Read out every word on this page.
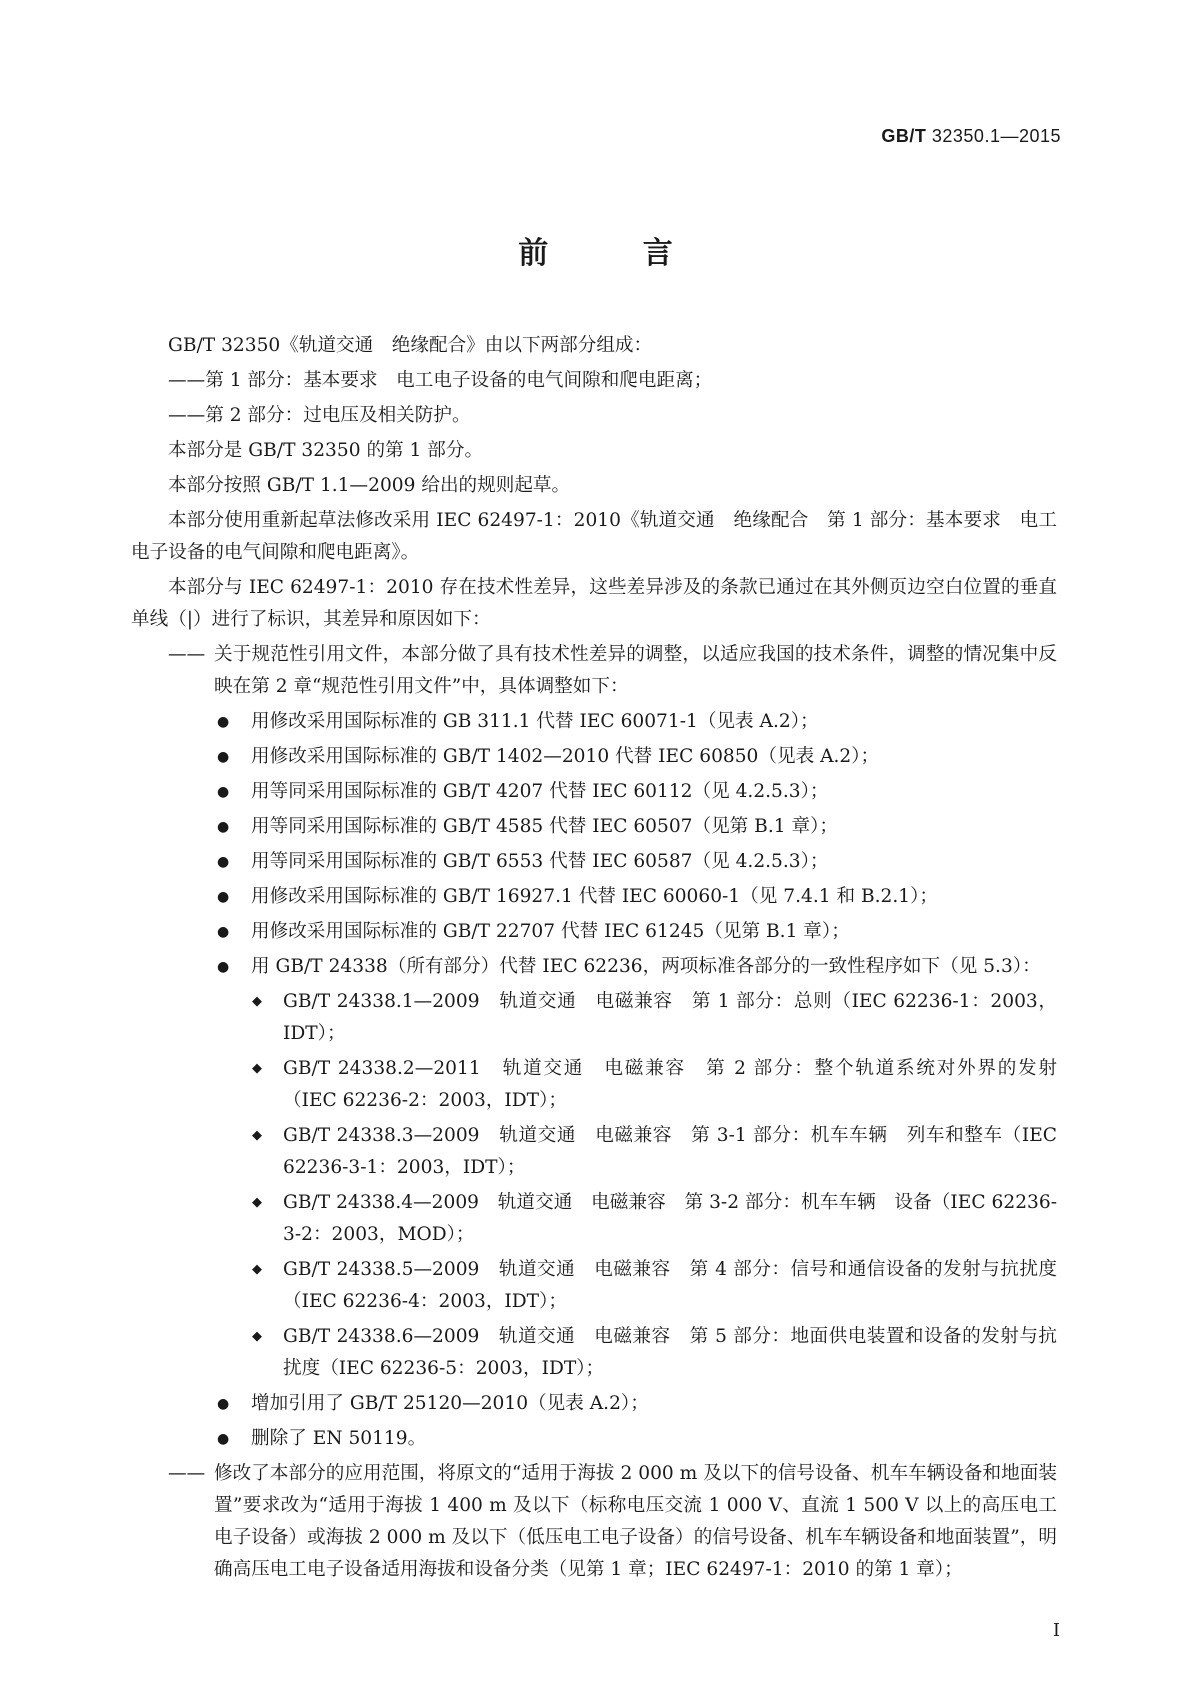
GB/T 32350.1—2015
前 言

GB/T 32350《轨道交通　绝缘配合》由以下两部分组成：

——第 1 部分：基本要求　电工电子设备的电气间隙和爬电距离；

——第 2 部分：过电压及相关防护。

本部分是 GB/T 32350 的第 1 部分。

本部分按照 GB/T 1.1—2009 给出的规则起草。

本部分使用重新起草法修改采用 IEC 62497-1：2010《轨道交通　绝缘配合　第 1 部分：基本要求　电工电子设备的电气间隙和爬电距离》。

本部分与 IEC 62497-1：2010 存在技术性差异，这些差异涉及的条款已通过在其外侧页边空白位置的垂直单线（|）进行了标识，其差异和原因如下：

—— 关于规范性引用文件，本部分做了具有技术性差异的调整，以适应我国的技术条件，调整的情况集中反映在第 2 章“规范性引用文件”中，具体调整如下：
● 用修改采用国际标准的 GB 311.1 代替 IEC 60071-1（见表 A.2）；
● 用修改采用国际标准的 GB/T 1402—2010 代替 IEC 60850（见表 A.2）；
● 用等同采用国际标准的 GB/T 4207 代替 IEC 60112（见 4.2.5.3）；
● 用等同采用国际标准的 GB/T 4585 代替 IEC 60507（见第 B.1 章）；
● 用等同采用国际标准的 GB/T 6553 代替 IEC 60587（见 4.2.5.3）；
● 用修改采用国际标准的 GB/T 16927.1 代替 IEC 60060-1（见 7.4.1 和 B.2.1）；
● 用修改采用国际标准的 GB/T 22707 代替 IEC 61245（见第 B.1 章）；
● 用 GB/T 24338（所有部分）代替 IEC 62236，两项标准各部分的一致性程序如下（见 5.3）：
◆ GB/T 24338.1—2009　轨道交通　电磁兼容　第 1 部分：总则（IEC 62236-1：2003，IDT）；
◆ GB/T 24338.2—2011　轨道交通　电磁兼容　第 2 部分：整个轨道系统对外界的发射（IEC 62236-2：2003，IDT）；
◆ GB/T 24338.3—2009　轨道交通　电磁兼容　第 3-1 部分：机车车辆　列车和整车（IEC 62236-3-1：2003，IDT）；
◆ GB/T 24338.4—2009　轨道交通　电磁兼容　第 3-2 部分：机车车辆　设备（IEC 62236-3-2：2003，MOD）；
◆ GB/T 24338.5—2009　轨道交通　电磁兼容　第 4 部分：信号和通信设备的发射与抗扰度（IEC 62236-4：2003，IDT）；
◆ GB/T 24338.6—2009　轨道交通　电磁兼容　第 5 部分：地面供电装置和设备的发射与抗扰度（IEC 62236-5：2003，IDT）；
● 增加引用了 GB/T 25120—2010（见表 A.2）；
● 删除了 EN 50119。
—— 修改了本部分的应用范围，将原文的“适用于海拔 2 000 m 及以下的信号设备、机车车辆设备和地面装置”要求改为“适用于海拔 1 400 m 及以下（标称电压交流 1 000 V、直流 1 500 V 以上的高压电工电子设备）或海拔 2 000 m 及以下（低压电工电子设备）的信号设备、机车车辆设备和地面装置”，明确高压电工电子设备适用海拔和设备分类（见第 1 章；IEC 62497-1：2010 的第 1 章）；
I
